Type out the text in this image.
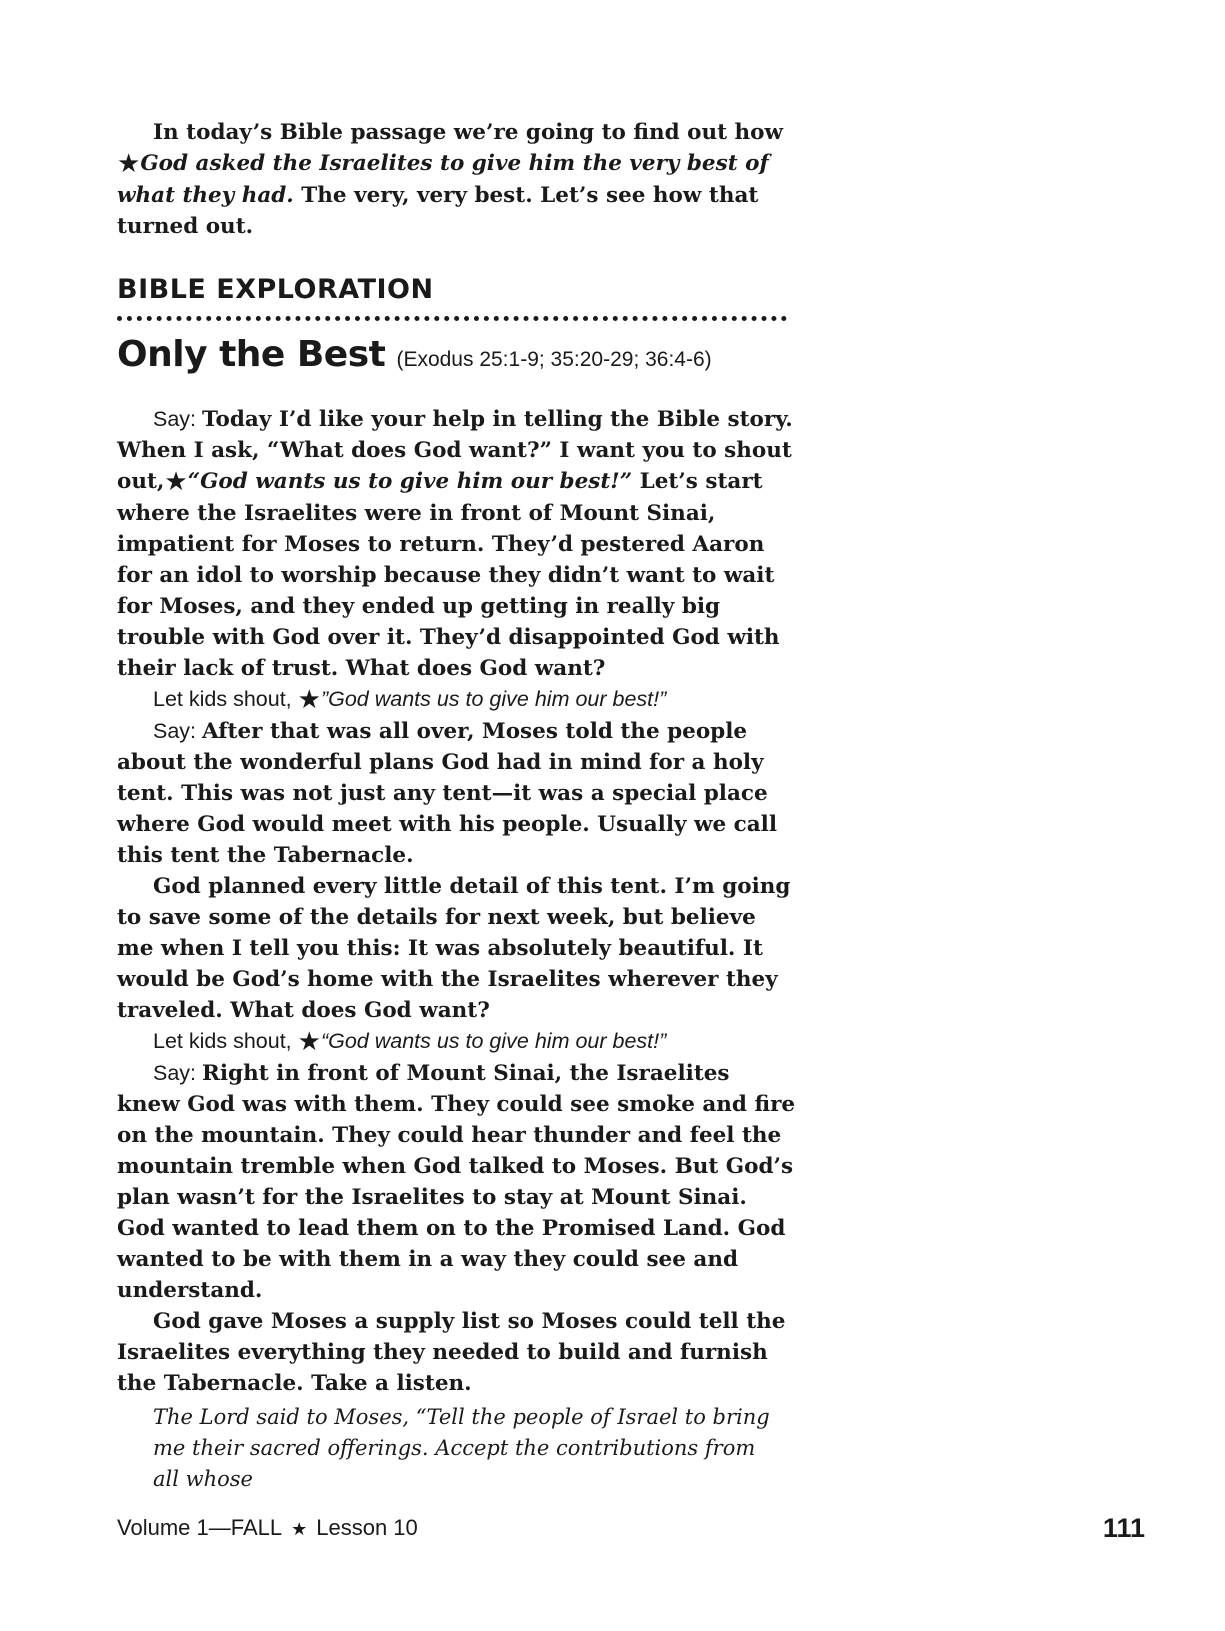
In today’s Bible passage we’re going to find out how ★God asked the Israelites to give him the very best of what they had. The very, very best. Let’s see how that turned out.

BIBLE EXPLORATION
Only the Best (Exodus 25:1-9; 35:20-29; 36:4-6)

Say: Today I’d like your help in telling the Bible story. When I ask, “What does God want?” I want you to shout out,★“God wants us to give him our best!” Let’s start where the Israelites were in front of Mount Sinai, impatient for Moses to return. They’d pestered Aaron for an idol to worship because they didn’t want to wait for Moses, and they ended up getting in really big trouble with God over it. They’d disappointed God with their lack of trust. What does God want?

Let kids shout, ★”God wants us to give him our best!”

Say: After that was all over, Moses told the people about the wonderful plans God had in mind for a holy tent. This was not just any tent—it was a special place where God would meet with his people. Usually we call this tent the Tabernacle.

God planned every little detail of this tent. I’m going to save some of the details for next week, but believe me when I tell you this: It was absolutely beautiful. It would be God’s home with the Israelites wherever they traveled. What does God want?

Let kids shout, ★“God wants us to give him our best!”

Say: Right in front of Mount Sinai, the Israelites knew God was with them. They could see smoke and fire on the mountain. They could hear thunder and feel the mountain tremble when God talked to Moses. But God’s plan wasn’t for the Israelites to stay at Mount Sinai. God wanted to lead them on to the Promised Land. God wanted to be with them in a way they could see and understand.

God gave Moses a supply list so Moses could tell the Israelites everything they needed to build and furnish the Tabernacle. Take a listen.

The Lord said to Moses, “Tell the people of Israel to bring me their sacred offerings. Accept the contributions from all whose
Volume 1—FALL ★ Lesson 10	111
